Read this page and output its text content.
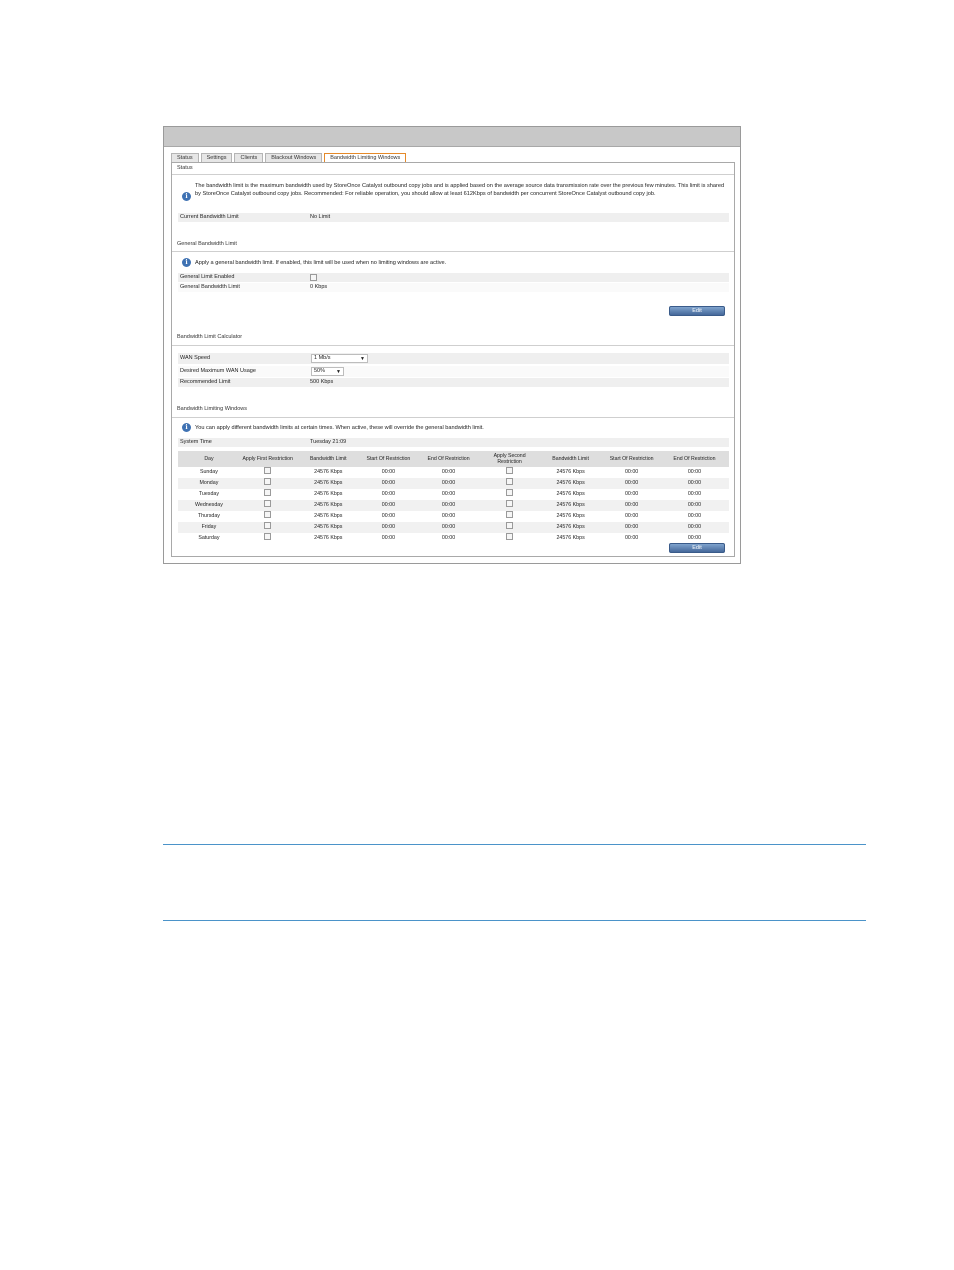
Status	Settings	Clients	Blackout Windows	Bandwidth Limiting Windows
Status
i
The bandwidth limit is the maximum bandwidth used by StoreOnce Catalyst outbound copy jobs and is applied based on the average source data transmission rate over the previous few minutes. This limit is shared by StoreOnce Catalyst outbound copy jobs. Recommended: For reliable operation, you should allow at least 612Kbps of bandwidth per concurrent StoreOnce Catalyst outbound copy job.
Current Bandwidth Limit	No Limit
General Bandwidth Limit
i	Apply a general bandwidth limit. If enabled, this limit will be used when no limiting windows are active.
General Limit Enabled
General Bandwidth Limit	0 Kbps
Edit
Bandwidth Limit Calculator
WAN Speed	1 Mb/s	▼
Desired Maximum WAN Usage	50% ▼
Recommended Limit	500 Kbps
Bandwidth Limiting Windows
i	You can apply different bandwidth limits at certain times. When active, these will override the general bandwidth limit.
System Time	Tuesday 21:09
Day	Apply First Restriction	Bandwidth Limit	Start Of Restriction	End Of Restriction	Apply Second Restriction	Bandwidth Limit	Start Of Restriction	End Of Restriction
Sunday		24576 Kbps	00:00	00:00		24576 Kbps	00:00	00:00
Monday		24576 Kbps	00:00	00:00		24576 Kbps	00:00	00:00
Tuesday		24576 Kbps	00:00	00:00		24576 Kbps	00:00	00:00
Wednesday		24576 Kbps	00:00	00:00		24576 Kbps	00:00	00:00
Thursday		24576 Kbps	00:00	00:00		24576 Kbps	00:00	00:00
Friday		24576 Kbps	00:00	00:00		24576 Kbps	00:00	00:00
Saturday		24576 Kbps	00:00	00:00		24576 Kbps	00:00	00:00
Edit
